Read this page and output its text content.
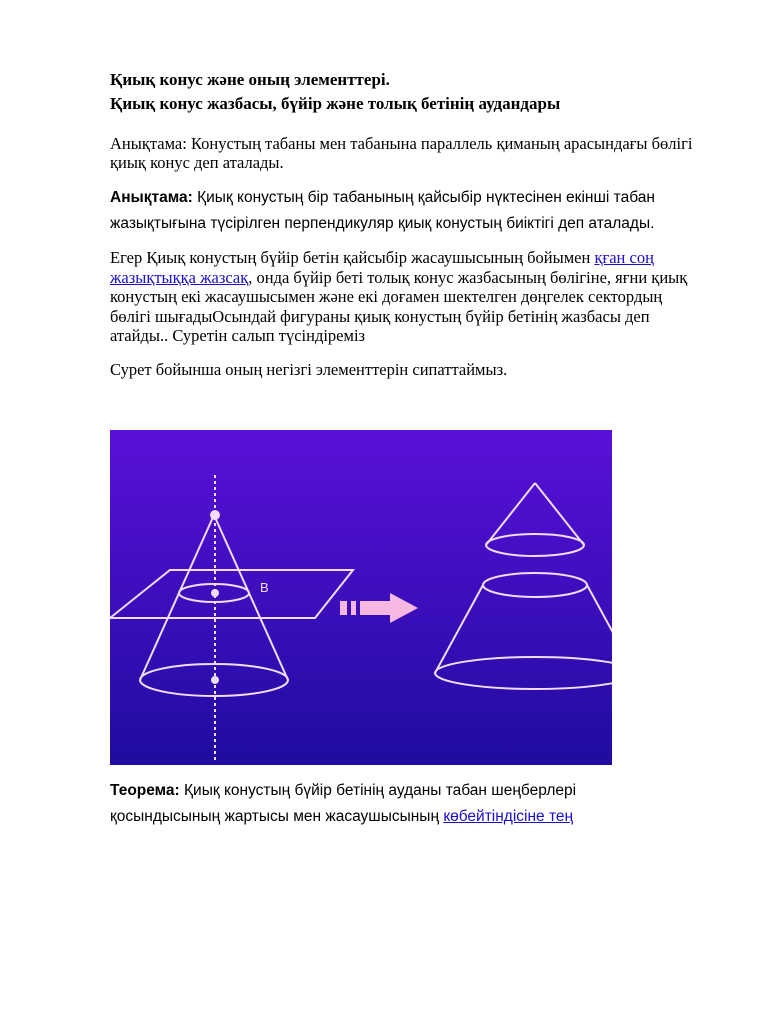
Қиық конус және оның элементтері.
Қиық конус жазбасы, бүйір және толық бетінің аудандары
Анықтама: Конустың табаны мен табанына параллель қиманың арасындағы бөлігі қиық конус деп аталады.
Анықтама: Қиық конустың бір табанының қайсыбір нүктесінен екінші табан жазықтығына түсірілген перпендикуляр қиық конустың биіктігі деп аталады.
Егер Қиық конустың бүйір бетін қайсыбір жасаушысының бойымен қған соң жазықтыққа жазсақ, онда бүйір беті толық конус жазбасының бөлігіне, яғни қиық конустың екі жасаушысымен және екі доғамен шектелген дөңгелек сектордың бөлігі шығадыОсындай фигураны қиық конустың бүйір бетінің жазбасы деп атайды.. Суретін салып түсіндіреміз
Сурет бойынша оның негізгі элементтерін сипаттаймыз.
B
Теорема: Қиық конустың бүйір бетінің ауданы табан шеңберлері қосындысының жартысы мен жасаушысының көбейтіндісіне тең
